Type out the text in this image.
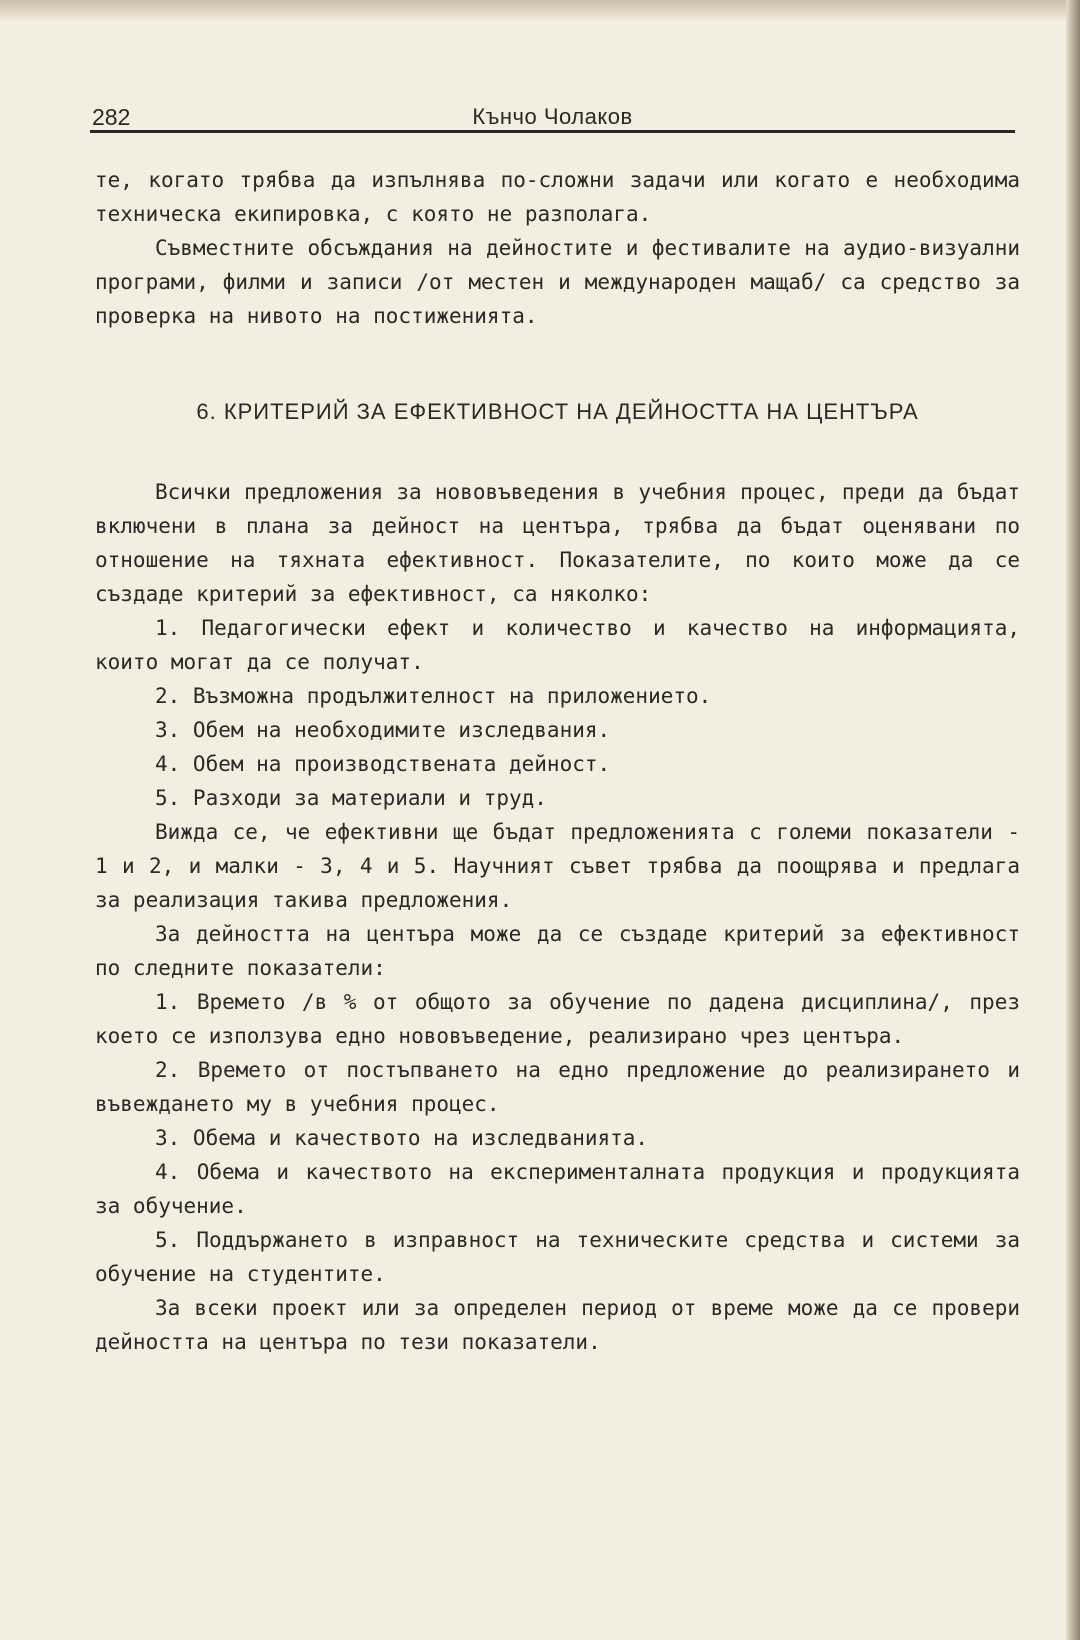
282	Кънчо Чолаков

те, когато трябва да изпълнява по-сложни задачи или когато е необходима техническа екипировка, с която не разполага.

Съвместните обсъждания на дейностите и фестивалите на аудио-визуални програми, филми и записи /от местен и международен мащаб/ са средство за проверка на нивото на постиженията.

6. КРИТЕРИЙ ЗА ЕФЕКТИВНОСТ НА ДЕЙНОСТТА НА ЦЕНТЪРА

Всички предложения за нововъведения в учебния процес, преди да бъдат включени в плана за дейност на центъра, трябва да бъдат оценявани по отношение на тяхната ефективност. Показателите, по които може да се създаде критерий за ефективност, са няколко:

1. Педагогически ефект и количество и качество на информацията, които могат да се получат.

2. Възможна продължителност на приложението.

3. Обем на необходимите изследвания.

4. Обем на производствената дейност.

5. Разходи за материали и труд.

Вижда се, че ефективни ще бъдат предложенията с големи показатели - 1 и 2, и малки - 3, 4 и 5. Научният съвет трябва да поощрява и предлага за реализация такива предложения.

За дейността на центъра може да се създаде критерий за ефективност по следните показатели:

1. Времето /в % от общото за обучение по дадена дисциплина/, през което се използува едно нововъведение, реализирано чрез центъра.

2. Времето от постъпването на едно предложение до реализирането и въвеждането му в учебния процес.

3. Обема и качеството на изследванията.

4. Обема и качеството на експерименталната продукция и продукцията за обучение.

5. Поддържането в изправност на техническите средства и системи за обучение на студентите.

За всеки проект или за определен период от време може да се провери дейността на центъра по тези показатели.
